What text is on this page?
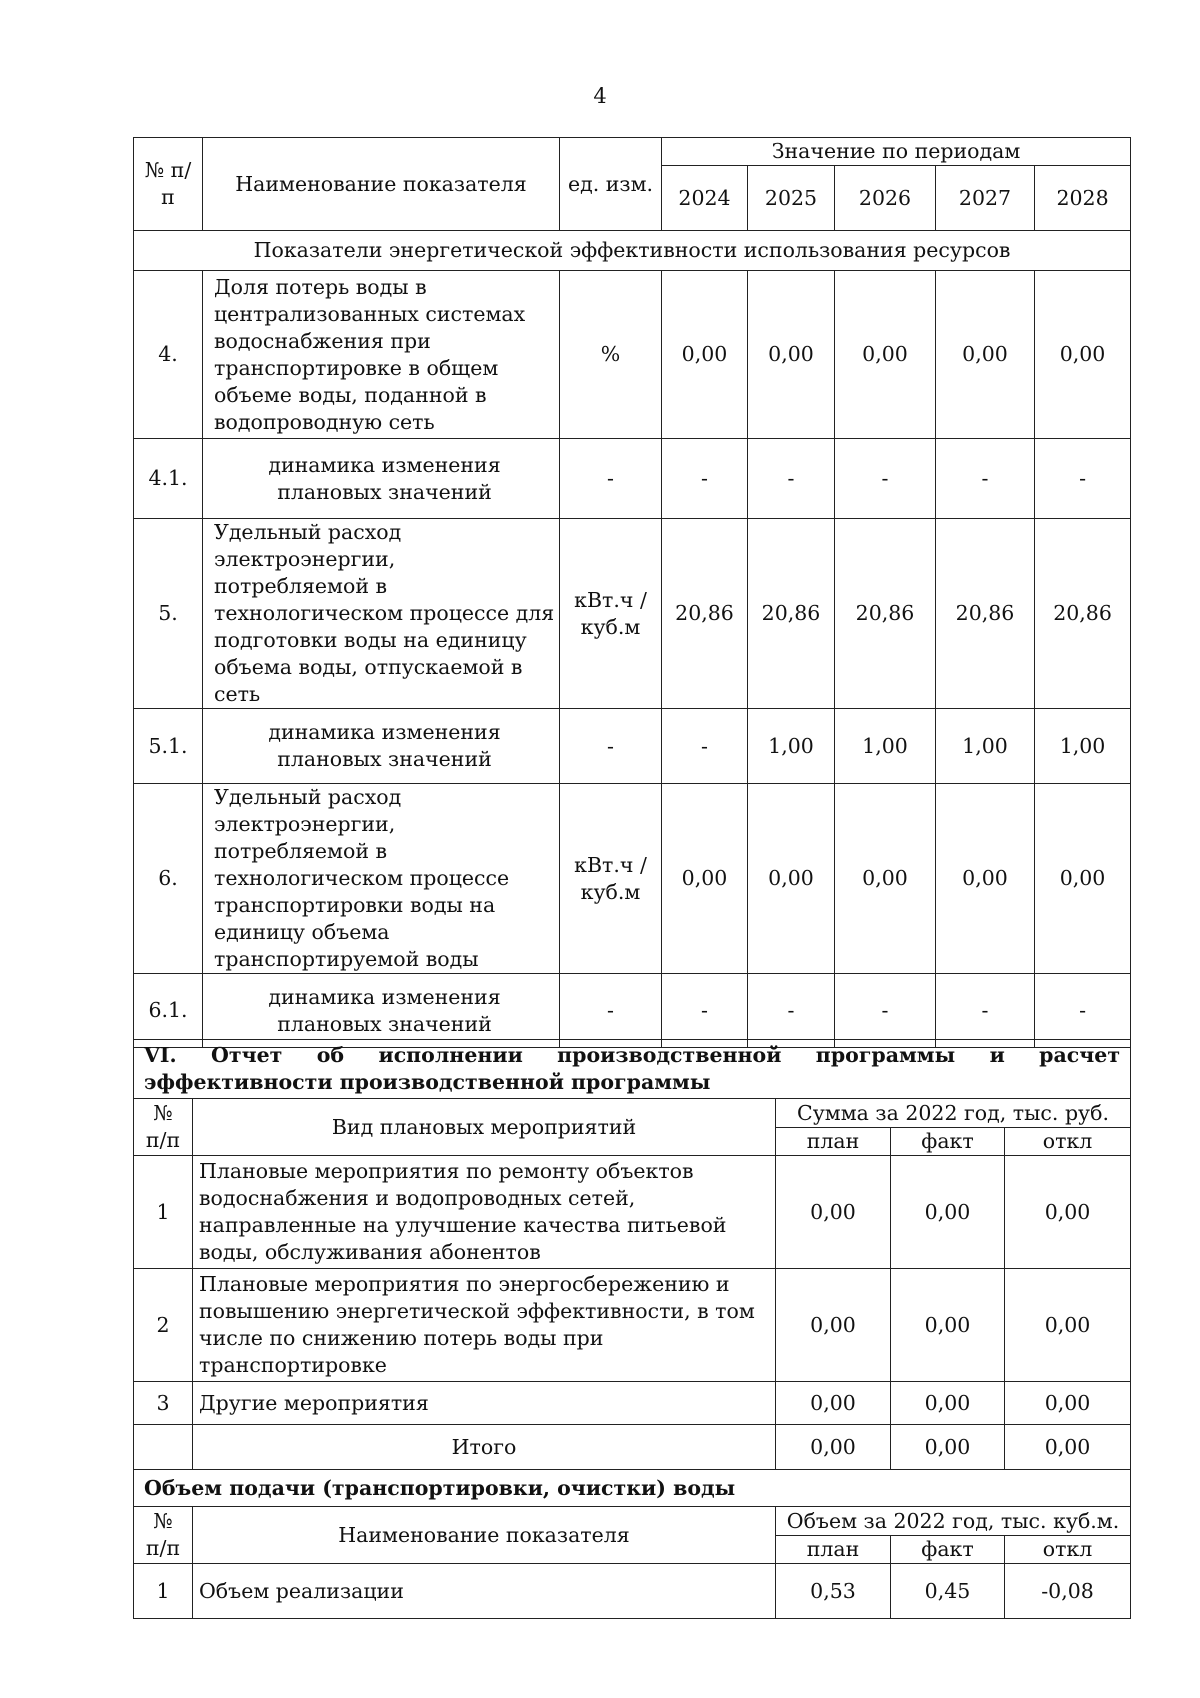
4
№ п/п	Наименование показателя	ед. изм.	Значение по периодам				
			2024	2025	2026	2027	2028
Показатели энергетической эффективности использования ресурсов							
4.	Доля потерь воды в централизованных системах водоснабжения при транспортировке в общем объеме воды, поданной в водопроводную сеть	%	0,00	0,00	0,00	0,00	0,00
4.1.	динамика изменения плановых значений	-	-	-	-	-	-
5.	Удельный расход электроэнергии, потребляемой в технологическом процессе для подготовки воды на единицу объема воды, отпускаемой в сеть	кВт.ч / куб.м	20,86	20,86	20,86	20,86	20,86
5.1.	динамика изменения плановых значений	-	-	1,00	1,00	1,00	1,00
6.	Удельный расход электроэнергии, потребляемой в технологическом процессе транспортировки воды на единицу объема транспортируемой воды	кВт.ч / куб.м	0,00	0,00	0,00	0,00	0,00
6.1.	динамика изменения плановых значений	-	-	-	-	-	-
VI. Отчет об исполнении производственной программы и расчет эффективности производственной программы				
№ п/п	Вид плановых мероприятий	Сумма за 2022 год, тыс. руб.		
		план	факт	откл
1	Плановые мероприятия по ремонту объектов водоснабжения и водопроводных сетей, направленные на улучшение качества питьевой воды, обслуживания абонентов	0,00	0,00	0,00
2	Плановые мероприятия по энергосбережению и повышению энергетической эффективности, в том числе по снижению потерь воды при транспортировке	0,00	0,00	0,00
3	Другие мероприятия	0,00	0,00	0,00
	Итого	0,00	0,00	0,00
Объем подачи (транспортировки, очистки) воды				
№ п/п	Наименование показателя	Объем за 2022 год, тыс. куб.м.		
		план	факт	откл
1	Объем реализации	0,53	0,45	-0,08
